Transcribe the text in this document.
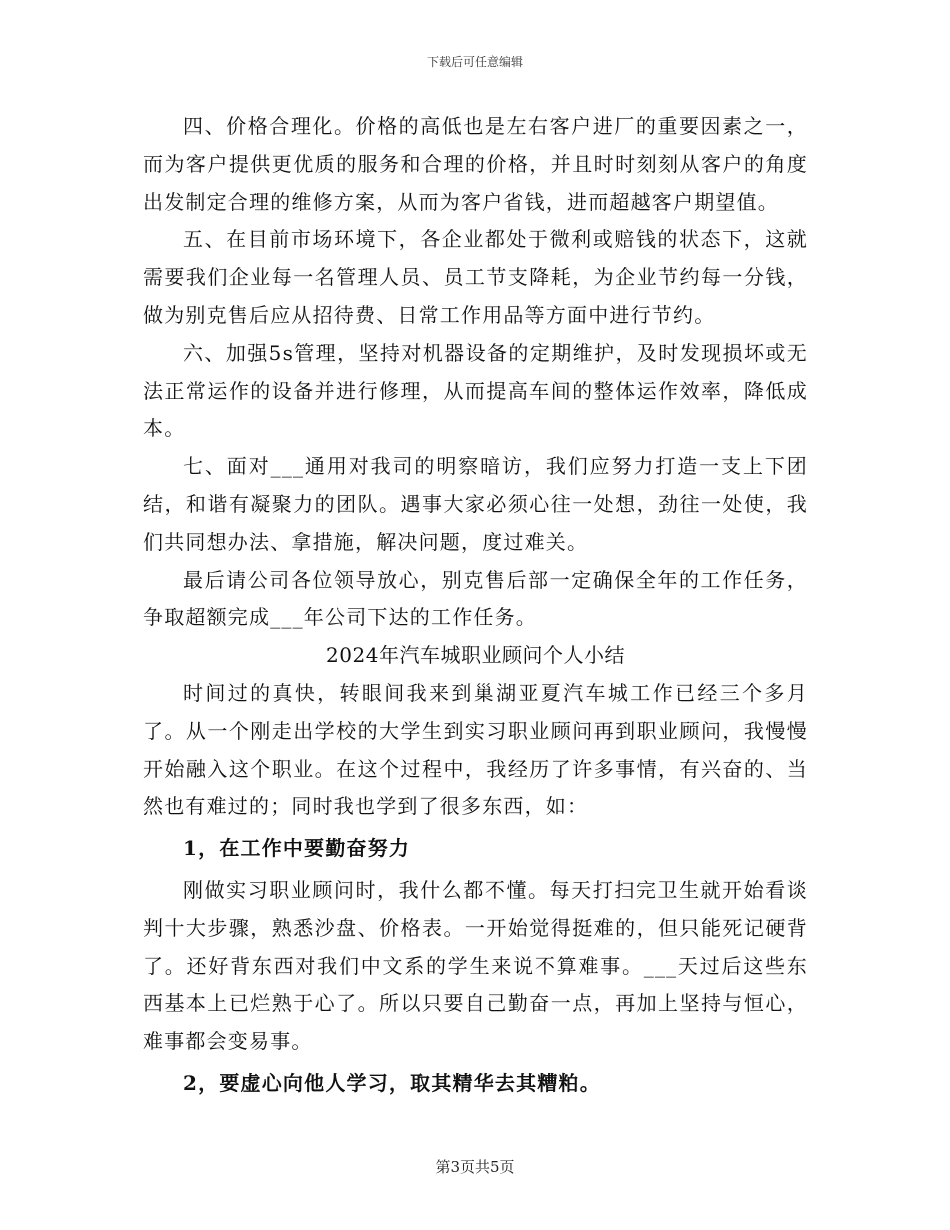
下载后可任意编辑

四、价格合理化。价格的高低也是左右客户进厂的重要因素之一，而为客户提供更优质的服务和合理的价格，并且时时刻刻从客户的角度出发制定合理的维修方案，从而为客户省钱，进而超越客户期望值。

五、在目前市场环境下，各企业都处于微利或赔钱的状态下，这就需要我们企业每一名管理人员、员工节支降耗，为企业节约每一分钱，做为别克售后应从招待费、日常工作用品等方面中进行节约。

六、加强5s管理，坚持对机器设备的定期维护，及时发现损坏或无法正常运作的设备并进行修理，从而提高车间的整体运作效率，降低成本。

七、面对___通用对我司的明察暗访，我们应努力打造一支上下团结，和谐有凝聚力的团队。遇事大家必须心往一处想，劲往一处使，我们共同想办法、拿措施，解决问题，度过难关。

最后请公司各位领导放心，别克售后部一定确保全年的工作任务，争取超额完成___年公司下达的工作任务。

2024年汽车城职业顾问个人小结

时间过的真快，转眼间我来到巢湖亚夏汽车城工作已经三个多月了。从一个刚走出学校的大学生到实习职业顾问再到职业顾问，我慢慢开始融入这个职业。在这个过程中，我经历了许多事情，有兴奋的、当然也有难过的；同时我也学到了很多东西，如：

1，在工作中要勤奋努力

刚做实习职业顾问时，我什么都不懂。每天打扫完卫生就开始看谈判十大步骤，熟悉沙盘、价格表。一开始觉得挺难的，但只能死记硬背了。还好背东西对我们中文系的学生来说不算难事。___天过后这些东西基本上已烂熟于心了。所以只要自己勤奋一点，再加上坚持与恒心，难事都会变易事。

2，要虚心向他人学习，取其精华去其糟粕。

第3页共5页
